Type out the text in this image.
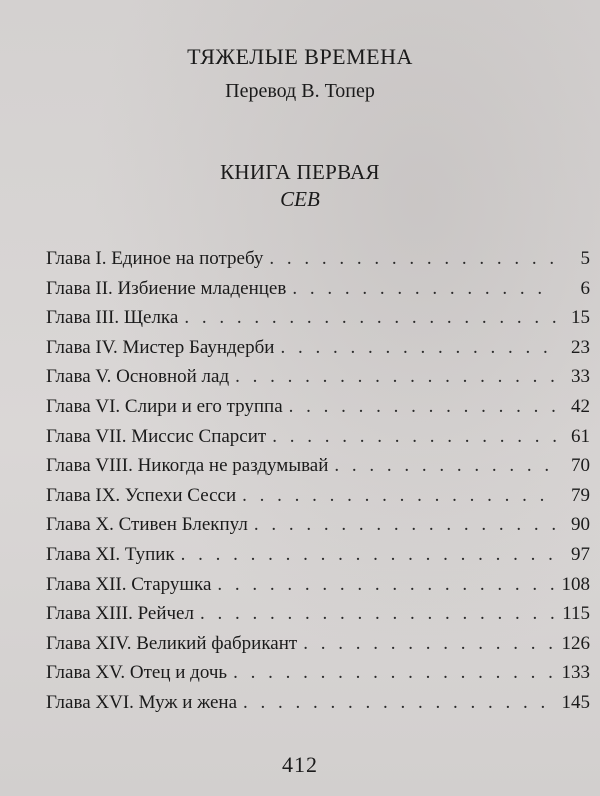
ТЯЖЕЛЫЕ ВРЕМЕНА
Перевод В. Топер
КНИГА ПЕРВАЯ
СЕВ
Глава I. Единое на потребу . . .	5
Глава II. Избиение младенцев . . .	6
Глава III. Щелка . . .	15
Глава IV. Мистер Баундерби . . .	23
Глава V. Основной лад . . .	33
Глава VI. Слири и его труппа . . .	42
Глава VII. Миссис Спарсит . . .	61
Глава VIII. Никогда не раздумывай . . .	70
Глава IX. Успехи Сесси . . .	79
Глава X. Стивен Блекпул . . .	90
Глава XI. Тупик . . .	97
Глава XII. Старушка . . .	108
Глава XIII. Рейчел . . .	115
Глава XIV. Великий фабрикант . . .	126
Глава XV. Отец и дочь . . .	133
Глава XVI. Муж и жена . . .	145
412
